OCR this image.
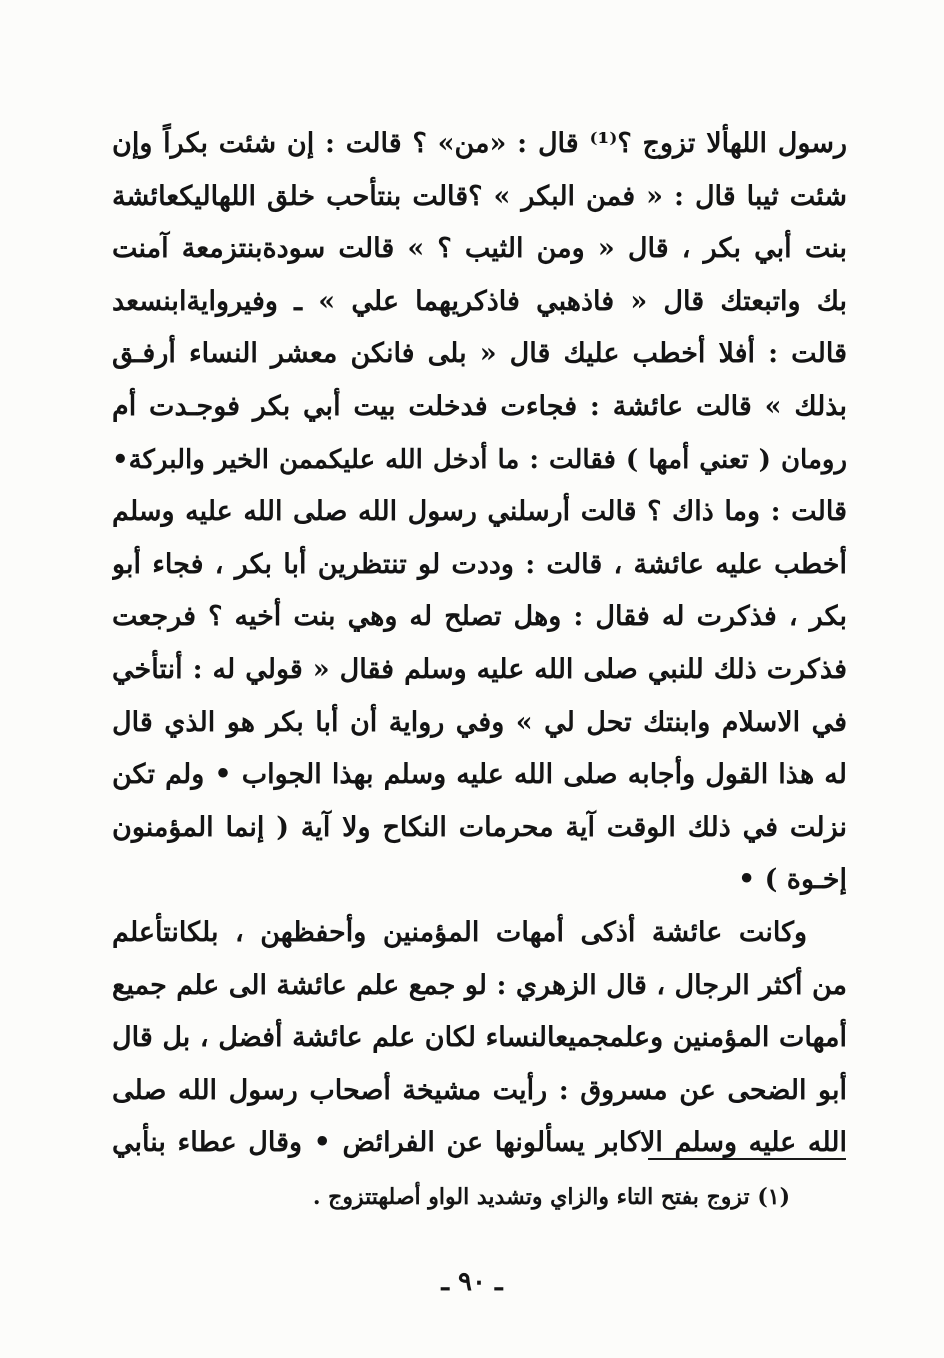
رسول اللهألا تزوج ؟⁽¹⁾ قال : «من» ؟ قالت : إن شئت بكراً وإن
شئت ثيبا قال : « فمن البكر » ؟قالت بنتأحب خلق اللهاليكعائشة
بنت أبي بكر ، قال « ومن الثيب ؟ » قالت سودةبنتزمعة آمنت
بك واتبعتك قال « فاذهبي فاذكريهما علي » ـ وفيروايةابنسعد
قالت : أفلا أخطب عليك قال « بلى فانكن معشر النساء أرفـق
بذلك » قالت عائشة : فجاءت فدخلت بيت أبي بكر فوجـدت أم
رومان ( تعني أمها ) فقالت : ما أدخل الله عليكممن الخير والبركة•
قالت : وما ذاك ؟ قالت أرسلني رسول الله صلى الله عليه وسلم
أخطب عليه عائشة ، قالت : وددت لو تنتظرين أبا بكر ، فجاء أبو
بكر ، فذكرت له فقال : وهل تصلح له وهي بنت أخيه ؟ فرجعت
فذكرت ذلك للنبي صلى الله عليه وسلم فقال « قولي له : أنتأخي
في الاسلام وابنتك تحل لي » وفي رواية أن أبا بكر هو الذي قال
له هذا القول وأجابه صلى الله عليه وسلم بهذا الجواب • ولم تكن
نزلت في ذلك الوقت آية محرمات النكاح ولا آية ( إنما المؤمنون
إخـوة ) •
وكانت عائشة أذكى أمهات المؤمنين وأحفظهن ، بلكانتأعلم
من أكثر الرجال ، قال الزهري : لو جمع علم عائشة الى علم جميع
أمهات المؤمنين وعلمجميعالنساء لكان علم عائشة أفضل ، بل قال
أبو الضحى عن مسروق : رأيت مشيخة أصحاب رسول الله صلى
الله عليه وسلم الاكابر يسألونها عن الفرائض • وقال عطاء بنأبي
(١) تزوج بفتح التاء والزاي وتشديد الواو أصلهتتزوج .
ـ ٩٠ ـ
